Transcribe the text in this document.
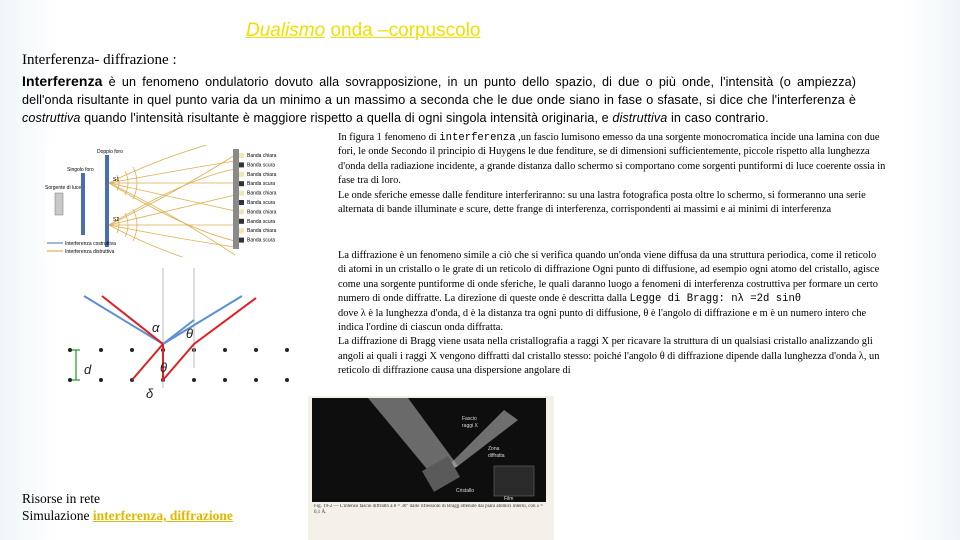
Dualismo onda –corpuscolo

Interferenza- diffrazione :

Interferenza è un fenomeno ondulatorio dovuto alla sovrapposizione, in un punto dello spazio, di due o più onde, l'intensità (o ampiezza) dell'onda risultante in quel punto varia da un minimo a un massimo a seconda che le due onde siano in fase o sfasate, si dice che l'interferenza è costruttiva quando l'intensità risultante è maggiore rispetto a quella di ogni singola intensità originaria, e distruttiva in caso contrario.

Banda chiara
Banda scura
Banda chiara
Banda scura
Banda chiara
Banda scura
Banda chiara
Banda scura
Banda chiara
Banda scura
Doppio foro
Singolo foro
Sorgente di luce
S1
S2
Interferenza costruttiva
Interferenza distruttiva
d
α θ
θ
δ

In figura 1 fenomeno di interferenza ,un fascio lumisono emesso da una sorgente monocromatica incide una lamina con due fori, le onde Secondo il principio di Huygens le due fenditure, se di dimensioni sufficientemente, piccole rispetto alla lunghezza d'onda della radiazione incidente, a grande distanza dallo schermo si comportano come sorgenti puntiformi di luce coerente ossia in fase tra di loro.
Le onde sferiche emesse dalle fenditure interferiranno: su una lastra fotografica posta oltre lo schermo, si formeranno una serie alternata di bande illuminate e scure, dette frange di interferenza, corrispondenti ai massimi e ai minimi di interferenza

La diffrazione è un fenomeno simile a ciò che si verifica quando un'onda viene diffusa da una struttura periodica, come il reticolo di atomi in un cristallo o le grate di un reticolo di diffrazione Ogni punto di diffusione, ad esempio ogni atomo del cristallo, agisce come una sorgente puntiforme di onde sferiche, le quali daranno luogo a fenomeni di interferenza costruttiva per formare un certo numero di onde diffratte. La direzione di queste onde è descritta dalla Legge di Bragg: nλ =2d sinθ
dove λ è la lunghezza d'onda, d è la distanza tra ogni punto di diffusione, θ è l'angolo di diffrazione e m è un numero intero che indica l'ordine di ciascun onda diffratta.
La diffrazione di Bragg viene usata nella cristallografia a raggi X per ricavare la struttura di un qualsiasi cristallo analizzando gli angoli ai quali i raggi X vengono diffratti dal cristallo stesso: poiché l'angolo θ di diffrazione dipende dalla lunghezza d'onda λ, un reticolo di diffrazione causa una dispersione angolare di

Fascio
raggi X
Zona
diffratta
Cristallo
Film
Fig. 19-2 — L'intenso fascio diffratto a θ = 30° dalle riflessioni di Bragg ottenute dai piani atomici interni, con λ = 0,1 Å.

Risorse in rete
Simulazione interferenza, diffrazione
